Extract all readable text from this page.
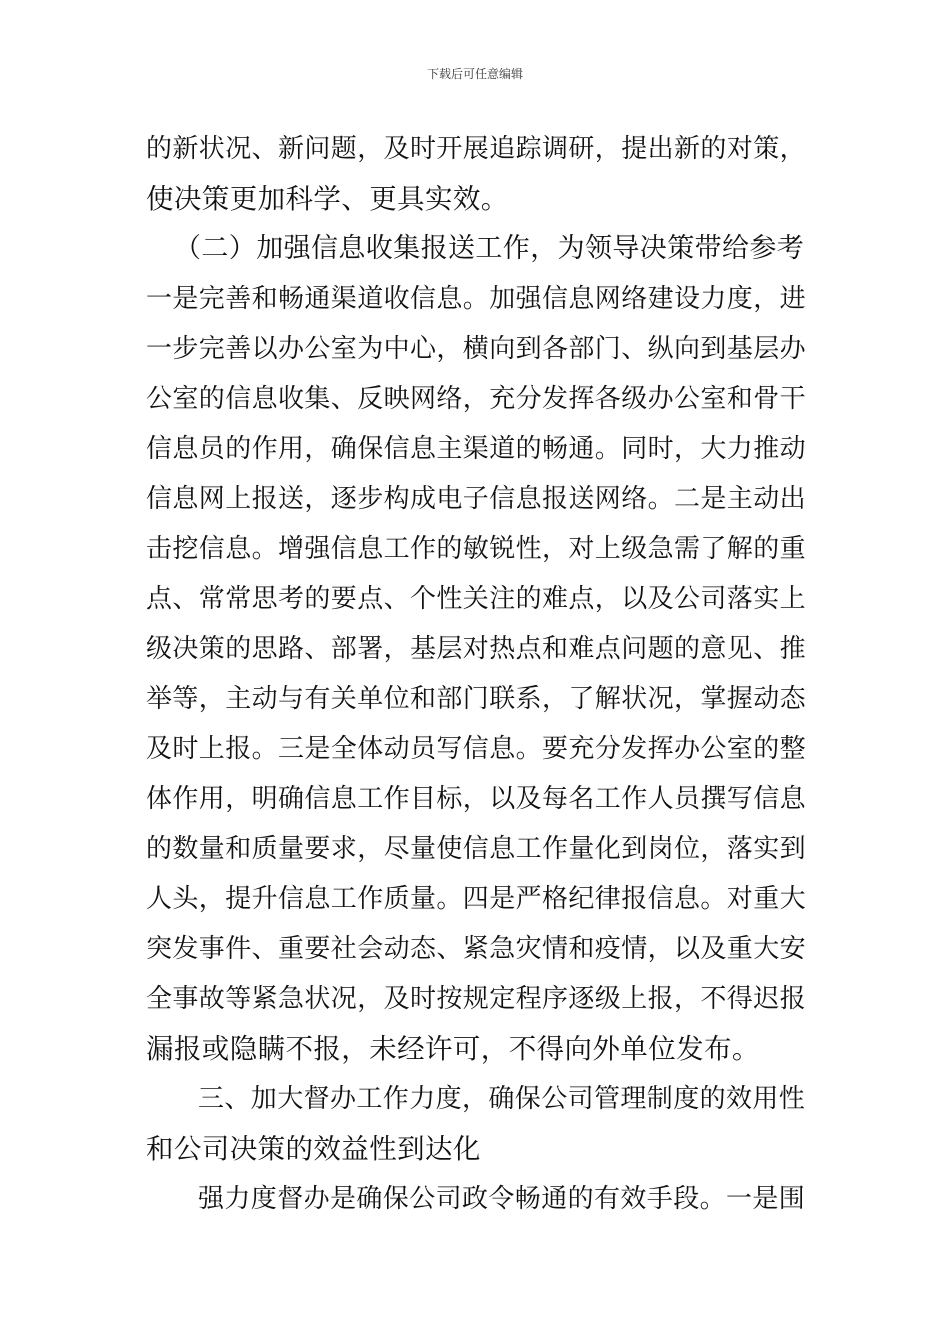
下载后可任意编辑
的新状况、新问题，及时开展追踪调研，提出新的对策，
使决策更加科学、更具实效。
（二）加强信息收集报送工作，为领导决策带给参考
一是完善和畅通渠道收信息。加强信息网络建设力度，进
一步完善以办公室为中心，横向到各部门、纵向到基层办
公室的信息收集、反映网络，充分发挥各级办公室和骨干
信息员的作用，确保信息主渠道的畅通。同时，大力推动
信息网上报送，逐步构成电子信息报送网络。二是主动出
击挖信息。增强信息工作的敏锐性，对上级急需了解的重
点、常常思考的要点、个性关注的难点，以及公司落实上
级决策的思路、部署，基层对热点和难点问题的意见、推
举等，主动与有关单位和部门联系，了解状况，掌握动态
及时上报。三是全体动员写信息。要充分发挥办公室的整
体作用，明确信息工作目标，以及每名工作人员撰写信息
的数量和质量要求，尽量使信息工作量化到岗位，落实到
人头，提升信息工作质量。四是严格纪律报信息。对重大
突发事件、重要社会动态、紧急灾情和疫情，以及重大安
全事故等紧急状况，及时按规定程序逐级上报，不得迟报
漏报或隐瞒不报，未经许可，不得向外单位发布。
三、加大督办工作力度，确保公司管理制度的效用性
和公司决策的效益性到达化
强力度督办是确保公司政令畅通的有效手段。一是围
